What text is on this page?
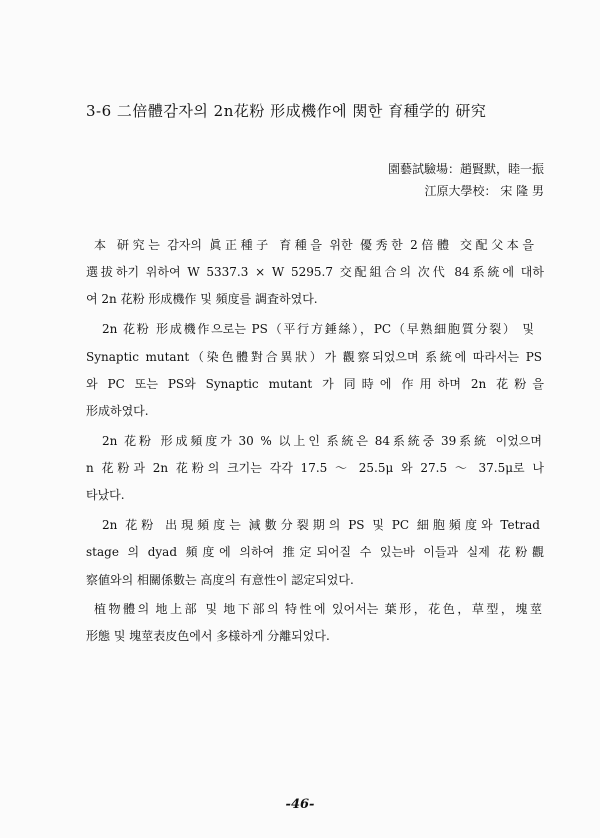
3-6 二倍體감자의 2n花粉 形成機作에 関한 育種学的 研究
園藝試驗場：趙賢默，睦一振
江原大學校： 宋 隆 男
本 研究는 감자의 眞正種子 育種을 위한 優秀한 2倍體 交配父本을
選拔하기 위하여 W 5337.3 × W 5295.7 交配組合의 次代 84系統에 대하
여 2n 花粉 形成機作 및 頻度를 調査하였다.
2n 花粉 形成機作으로는 PS（平行方錘絲），PC（早熟細胞質分裂） 및
Synaptic mutant（染色體對合異狀）가 觀察되었으며 系統에 따라서는 PS
와 PC 또는 PS와 Synaptic mutant 가 同時에 作用하며 2n 花粉을
形成하였다.
2n 花粉 形成頻度가 30 % 以上인 系統은 84系統중 39系統 이었으며
n 花粉과 2n 花粉의 크기는 각각 17.5 ～ 25.5μ 와 27.5 ～ 37.5μ로 나
타났다.
2n 花粉 出現頻度는 減數分裂期의 PS 및 PC 細胞頻度와 Tetrad
stage 의 dyad 頻度에 의하여 推定되어질 수 있는바 이들과 실제 花粉觀
察値와의 相關係數는 高度의 有意性이 認定되었다.
植物體의 地上部 및 地下部의 特性에 있어서는 葉形，花色，草型，塊莖
形態 및 塊莖表皮色에서 多様하게 分離되었다.
-46-
